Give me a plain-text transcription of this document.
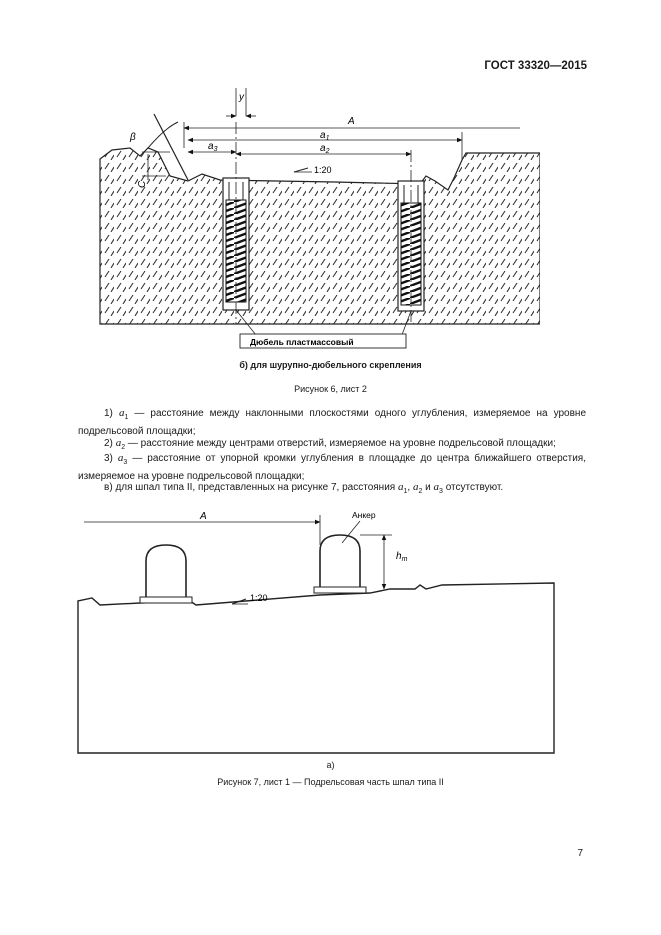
ГОСТ 33320—2015
у
A
$a_1$
$a_3$	$a_2$
1:20
β
C
Дюбель пластмассовый
б) для шурупно-дюбельного скрепления
Рисунок 6, лист 2
1) $a_1$ — расстояние между наклонными плоскостями одного углубления, измеряемое на уровне подрельсовой площадки;
2) $a_2$ — расстояние между центрами отверстий, измеряемое на уровне подрельсовой площадки;
3) $a_3$ — расстояние от упорной кромки углубления в площадке до центра ближайшего отверстия, измеряемое на уровне подрельсовой площадки;
в) для шпал типа II, представленных на рисунке 7, расстояния $a_1$, $a_2$ и $a_3$ отсутствуют.
A	Анкер
$h_т$
1:20
а)
Рисунок 7, лист 1 — Подрельсовая часть шпал типа II
7
